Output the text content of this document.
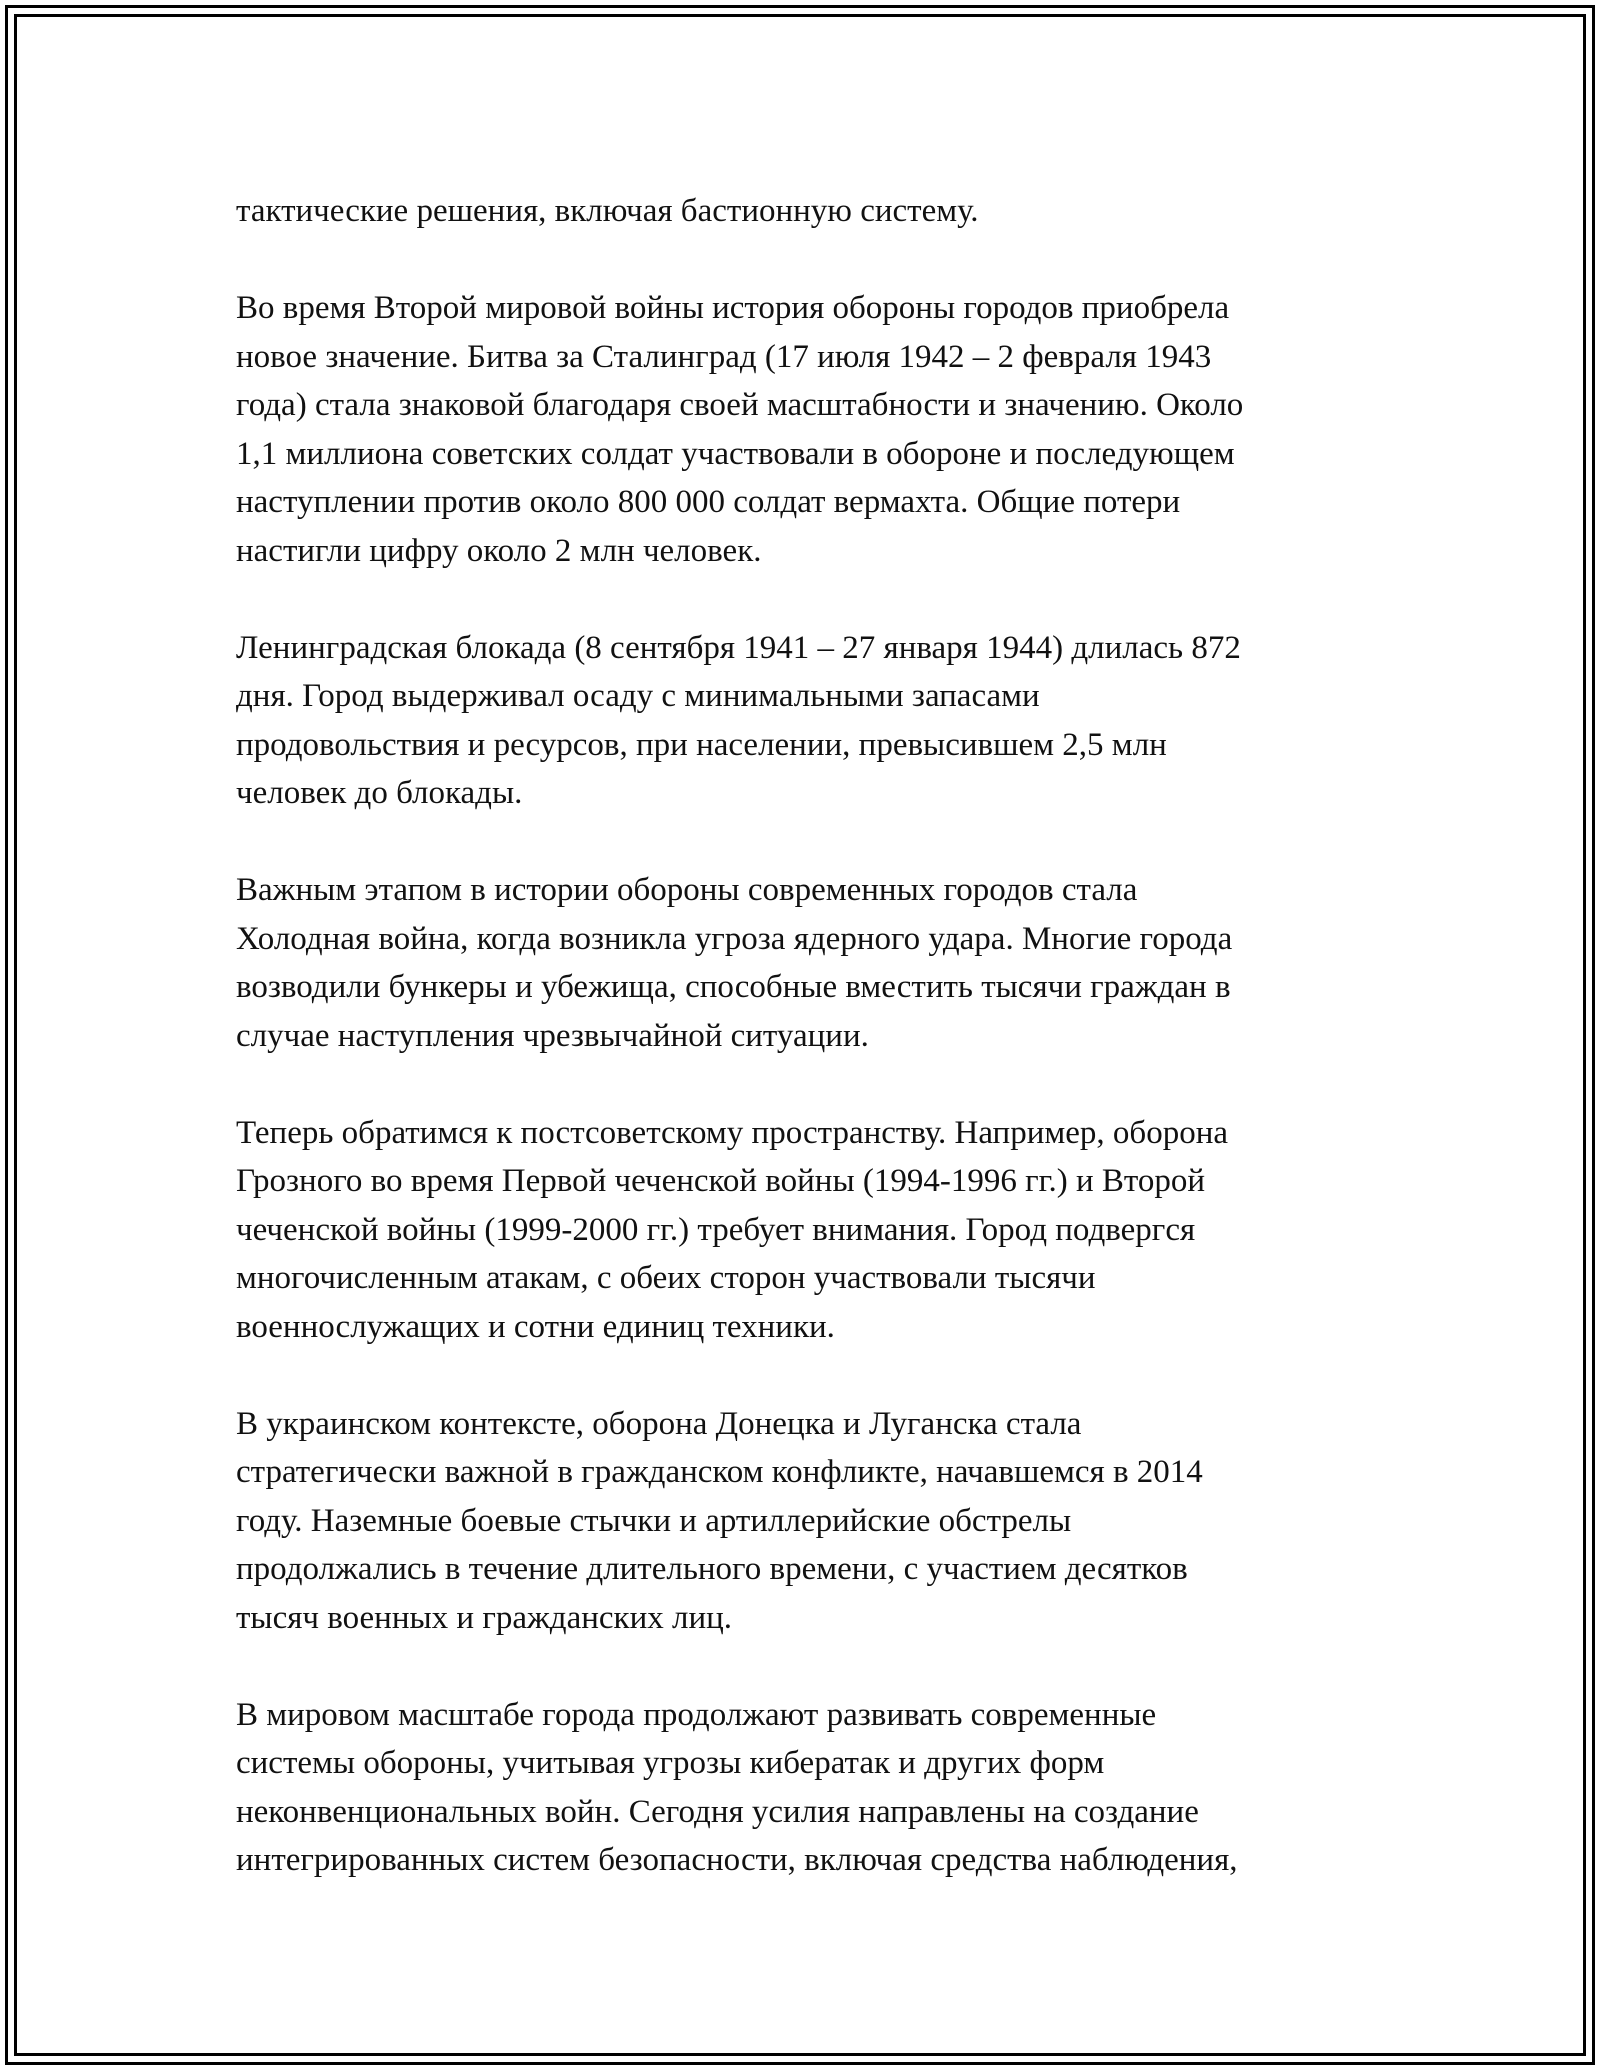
тактические решения, включая бастионную систему.

Во время Второй мировой войны история обороны городов приобрела
новое значение. Битва за Сталинград (17 июля 1942 – 2 февраля 1943
года) стала знаковой благодаря своей масштабности и значению. Около
1,1 миллиона советских солдат участвовали в обороне и последующем
наступлении против около 800 000 солдат вермахта. Общие потери
настигли цифру около 2 млн человек.

Ленинградская блокада (8 сентября 1941 – 27 января 1944) длилась 872
дня. Город выдерживал осаду с минимальными запасами
продовольствия и ресурсов, при населении, превысившем 2,5 млн
человек до блокады.

Важным этапом в истории обороны современных городов стала
Холодная война, когда возникла угроза ядерного удара. Многие города
возводили бункеры и убежища, способные вместить тысячи граждан в
случае наступления чрезвычайной ситуации.

Теперь обратимся к постсоветскому пространству. Например, оборона
Грозного во время Первой чеченской войны (1994-1996 гг.) и Второй
чеченской войны (1999-2000 гг.) требует внимания. Город подвергся
многочисленным атакам, с обеих сторон участвовали тысячи
военнослужащих и сотни единиц техники.

В украинском контексте, оборона Донецка и Луганска стала
стратегически важной в гражданском конфликте, начавшемся в 2014
году. Наземные боевые стычки и артиллерийские обстрелы
продолжались в течение длительного времени, с участием десятков
тысяч военных и гражданских лиц.

В мировом масштабе города продолжают развивать современные
системы обороны, учитывая угрозы кибератак и других форм
неконвенциональных войн. Сегодня усилия направлены на создание
интегрированных систем безопасности, включая средства наблюдения,
